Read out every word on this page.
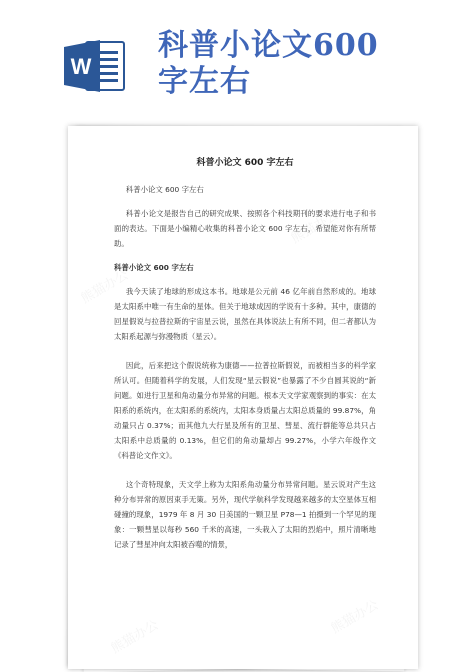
W
科普小论文600
字左右
熊猫办公
熊猫办公
熊猫办公
熊猫办公
科普小论文 600 字左右

科普小论文 600 字左右

科普小论文是报告自己的研究成果、按照各个科技期刊的要求进行电子和书面的表达。下面是小编精心收集的科普小论文 600 字左右，希望能对你有所帮助。

科普小论文 600 字左右

我今天读了地球的形成这本书。地球是公元前 46 亿年前自然形成的。地球是太阳系中唯一有生命的星体。但关于地球成因的学说有十多种。其中，康德的回星假说与拉普拉斯的宇宙星云说，虽然在具体说法上有所不同，但二者都认为太阳系起源与弥漫物质（星云）。

因此，后来把这个假说统称为康德——拉普拉斯假说，而被相当多的科学家所认可。但随着科学的发展，人们发现“星云假说”也暴露了不少自圆其说的“新问题。如进行卫星和角动量分布异常的问题。根本天文学家观察到的事实：在太阳系的系统内，在太阳系的系统内，太阳本身质量占太阳总质量的 99.87%，角动量只占 0.37%；而其他九大行星及所有的卫星、彗星、流行群能等总共只占太阳系中总质量的 0.13%，但它们的角动量却占 99.27%，小学六年级作文《科普论文作文》。

这个奇特现象，天文学上称为太阳系角动量分布异常问题。星云说对产生这种分布异常的原因束手无策。另外，现代学航科学发现越来越多的太空星体互相碰撞的现象，1979 年 8 月 30 日美国的一颗卫星 P78—1 拍摄到一个罕见的现象：一颗彗星以每秒 560 千米的高速，一头栽入了太阳的烈焰中，照片清晰地记录了彗星冲向太阳被吞噬的情景，
